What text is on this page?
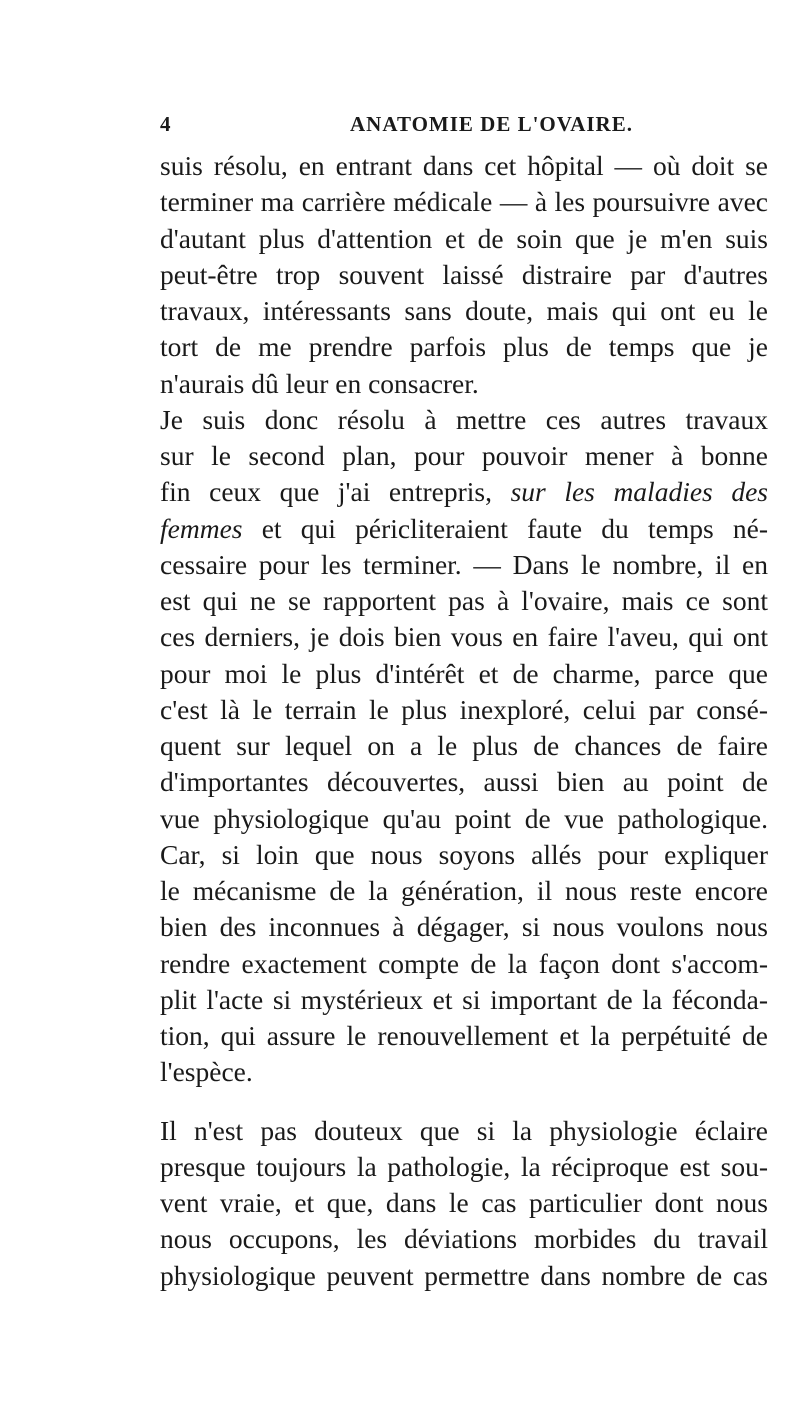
4	ANATOMIE DE L'OVAIRE.
suis résolu, en entrant dans cet hôpital — où doit se
terminer ma carrière médicale — à les poursuivre avec
d'autant plus d'attention et de soin que je m'en suis
peut-être trop souvent laissé distraire par d'autres
travaux, intéressants sans doute, mais qui ont eu le
tort de me prendre parfois plus de temps que je
n'aurais dû leur en consacrer.
Je suis donc résolu à mettre ces autres travaux
sur le second plan, pour pouvoir mener à bonne
fin ceux que j'ai entrepris, sur les maladies des
femmes et qui péricliteraient faute du temps né-
cessaire pour les terminer. — Dans le nombre, il en
est qui ne se rapportent pas à l'ovaire, mais ce sont
ces derniers, je dois bien vous en faire l'aveu, qui ont
pour moi le plus d'intérêt et de charme, parce que
c'est là le terrain le plus inexploré, celui par consé-
quent sur lequel on a le plus de chances de faire
d'importantes découvertes, aussi bien au point de
vue physiologique qu'au point de vue pathologique.
Car, si loin que nous soyons allés pour expliquer
le mécanisme de la génération, il nous reste encore
bien des inconnues à dégager, si nous voulons nous
rendre exactement compte de la façon dont s'accom-
plit l'acte si mystérieux et si important de la féconda-
tion, qui assure le renouvellement et la perpétuité de
l'espèce.
Il n'est pas douteux que si la physiologie éclaire
presque toujours la pathologie, la réciproque est sou-
vent vraie, et que, dans le cas particulier dont nous
nous occupons, les déviations morbides du travail
physiologique peuvent permettre dans nombre de cas
